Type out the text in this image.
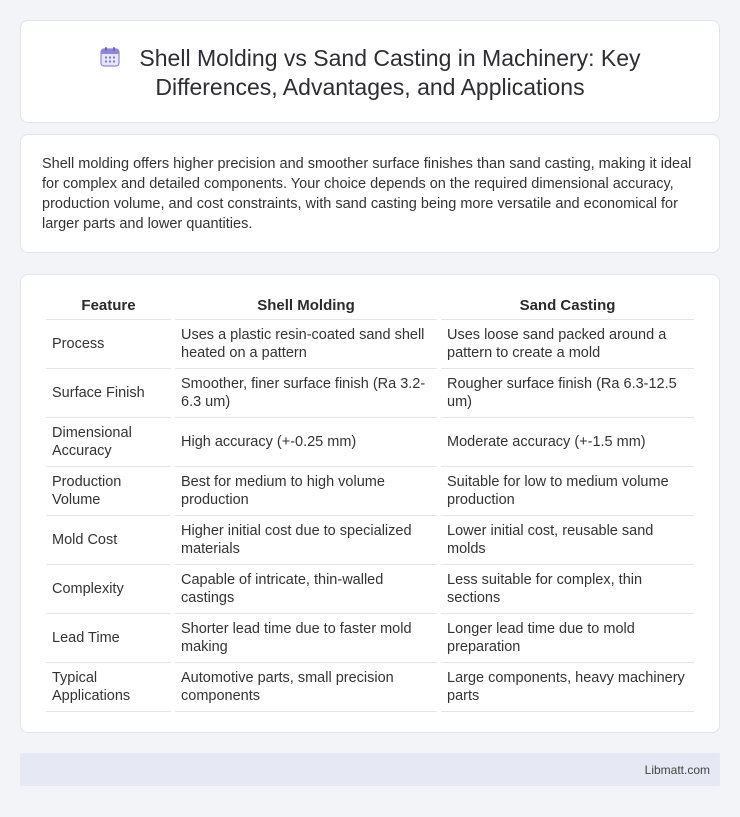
Shell Molding vs Sand Casting in Machinery: Key Differences, Advantages, and Applications

Shell molding offers higher precision and smoother surface finishes than sand casting, making it ideal for complex and detailed components. Your choice depends on the required dimensional accuracy, production volume, and cost constraints, with sand casting being more versatile and economical for larger parts and lower quantities.

Feature	Shell Molding	Sand Casting
Process	Uses a plastic resin-coated sand shell heated on a pattern	Uses loose sand packed around a pattern to create a mold
Surface Finish	Smoother, finer surface finish (Ra 3.2-6.3 um)	Rougher surface finish (Ra 6.3-12.5 um)
Dimensional Accuracy	High accuracy (+-0.25 mm)	Moderate accuracy (+-1.5 mm)
Production Volume	Best for medium to high volume production	Suitable for low to medium volume production
Mold Cost	Higher initial cost due to specialized materials	Lower initial cost, reusable sand molds
Complexity	Capable of intricate, thin-walled castings	Less suitable for complex, thin sections
Lead Time	Shorter lead time due to faster mold making	Longer lead time due to mold preparation
Typical Applications	Automotive parts, small precision components	Large components, heavy machinery parts
Libmatt.com
